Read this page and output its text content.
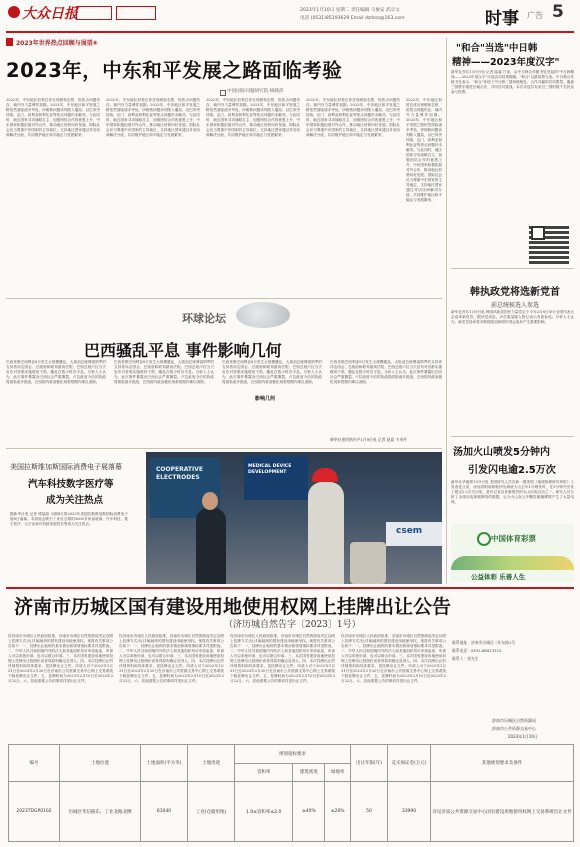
大众日报	2023年1月10日 星期二 责任编辑 马俊安 武宗文
电话 (0531)85193629 Email dzrbsz@163.com	时事 广告 5
2023年世界热点回顾与展望⑧
2023年，中东和平发展之路面临考验
中国国际问题研究院 杨晓萍
2022年，中东地区形势总体呈现缓和态势，但热点问题仍存，域内外力量博弈加剧。2023年，中东地区和平发展之路依然面临诸多考验。伊朗核问题谈判陷入僵局，以巴冲突持续，也门、叙利亚和利比亚等热点问题仍未解决。与此同时，地区国家寻求战略自主、加强团结合作的意愿上升，中东国家积极拓展对外合作，推动地区形势向好发展。国际社会应当尊重中东国家的主导地位，支持地区国家通过对话协商解决分歧，共同维护地区和平稳定与发展繁荣。
2022年，中东地区形势总体呈现缓和态势，但热点问题仍存，域内外力量博弈加剧。2023年，中东地区和平发展之路依然面临诸多考验。伊朗核问题谈判陷入僵局，以巴冲突持续，也门、叙利亚和利比亚等热点问题仍未解决。与此同时，地区国家寻求战略自主、加强团结合作的意愿上升，中东国家积极拓展对外合作，推动地区形势向好发展。国际社会应当尊重中东国家的主导地位，支持地区国家通过对话协商解决分歧，共同维护地区和平稳定与发展繁荣。
2022年，中东地区形势总体呈现缓和态势，但热点问题仍存，域内外力量博弈加剧。2023年，中东地区和平发展之路依然面临诸多考验。伊朗核问题谈判陷入僵局，以巴冲突持续，也门、叙利亚和利比亚等热点问题仍未解决。与此同时，地区国家寻求战略自主、加强团结合作的意愿上升，中东国家积极拓展对外合作，推动地区形势向好发展。国际社会应当尊重中东国家的主导地位，支持地区国家通过对话协商解决分歧，共同维护地区和平稳定与发展繁荣。
2022年，中东地区形势总体呈现缓和态势，但热点问题仍存，域内外力量博弈加剧。2023年，中东地区和平发展之路依然面临诸多考验。伊朗核问题谈判陷入僵局，以巴冲突持续，也门、叙利亚和利比亚等热点问题仍未解决。与此同时，地区国家寻求战略自主、加强团结合作的意愿上升，中东国家积极拓展对外合作，推动地区形势向好发展。国际社会应当尊重中东国家的主导地位，支持地区国家通过对话协商解决分歧，共同维护地区和平稳定与发展繁荣。
2022年，中东地区形势总体呈现缓和态势，但热点问题仍存，域内外力量博弈加剧。2023年，中东地区和平发展之路依然面临诸多考验。伊朗核问题谈判陷入僵局，以巴冲突持续，也门、叙利亚和利比亚等热点问题仍未解决。与此同时，地区国家寻求战略自主、加强团结合作的意愿上升，中东国家积极拓展对外合作，推动地区形势向好发展。国际社会应当尊重中东国家的主导地位，支持地区国家通过对话协商解决分歧，共同维护地区和平稳定与发展繁荣。
"和合"当选"中日韩
精神——2023年度汉字"
新华社首尔1月9日电 记者 陆睿 日前，由中日韩合作秘书处发起的"中日韩精神——2023年度汉字"评选活动结果揭晓，"和合"以最高票当选。中日韩合作秘书处表示，"和合"体现了中日韩三国和睦相处、合作共赢的共同愿景，寓意三国携手推进区域合作、共同应对挑战。本次评选共有来自三国的数千名民众参与投票。
韩执政党将选新党首
前总统候选人参选
新华社首尔1月9日电 韩国执政党国民力量党定于今年3月8日举行全国代表大会选举新党首。据该党消息，多位重量级人物已表示有意参选。分析人士认为，新党首选举将对韩国政局和明年国会选举产生重要影响。
汤加火山喷发5分钟内
引发闪电逾2.5万次
新华社华盛顿1月9日电 美国研究人员在新一期美国《地球物理研究快报》上发表论文说，汤加洪阿哈阿帕伊岛海底火山去年1月喷发时，在5分钟内引发了超过2.5万次闪电，是有记录以来最强烈的火山闪电活动之一。研究人员分析了全球闪电探测网络的数据，认为火山灰云中颗粒碰撞摩擦产生了大量电荷。
中国体育彩票
公益体彩 乐善人生
环球论坛
巴西骚乱平息 事件影响几何
巴西首都巴西利亚8日发生大规模骚乱，大批前总统博索纳罗的支持者冲击国会、总统府和联邦最高法院。巴西总统卢拉当天宣布对首都实施联邦干预，骚乱在数小时后平息。分析人士认为，此次事件暴露出巴西社会严重撕裂，卢拉政府今后的执政将面临诸多挑战，巴西国内政治极化现象短期内难以消除。
巴西首都巴西利亚8日发生大规模骚乱，大批前总统博索纳罗的支持者冲击国会、总统府和联邦最高法院。巴西总统卢拉当天宣布对首都实施联邦干预，骚乱在数小时后平息。分析人士认为，此次事件暴露出巴西社会严重撕裂，卢拉政府今后的执政将面临诸多挑战，巴西国内政治极化现象短期内难以消除。
巴西首都巴西利亚8日发生大规模骚乱，大批前总统博索纳罗的支持者冲击国会、总统府和联邦最高法院。巴西总统卢拉当天宣布对首都实施联邦干预，骚乱在数小时后平息。分析人士认为，此次事件暴露出巴西社会严重撕裂，卢拉政府今后的执政将面临诸多挑战，巴西国内政治极化现象短期内难以消除。
巴西首都巴西利亚8日发生大规模骚乱，大批前总统博索纳罗的支持者冲击国会、总统府和联邦最高法院。巴西总统卢拉当天宣布对首都实施联邦干预，骚乱在数小时后平息。分析人士认为，此次事件暴露出巴西社会严重撕裂，卢拉政府今后的执政将面临诸多挑战，巴西国内政治极化现象短期内难以消除。
影响几何
新华社里约热内卢1月9日电 记者 赵焱 卞卓丹
美国拉斯维加斯国际消费电子展落幕
汽车科技数字医疗等
成为关注热点
据新华社电 记者 谭晶晶 为期4天的2023年美国拉斯维加斯国际消费电子展8日落幕。本届展会吸引了来自全球的3000多家参展商，汽车科技、数字医疗、元宇宙和可持续发展技术等成为关注热点。
COOPERATIVE
ELECTRODES
MEDICAL DEVICE
DEVELOPMENT
csem
济南市历城区国有建设用地使用权网上挂牌出让公告
（济历城自然告字〔2023〕1号）
经济南市历城区人民政府批准，济南市历城区自然资源局决定以网上挂牌方式出让1幅地块的国有建设用地使用权。现将有关事项公告如下：一、挂牌出让地块的基本情况和规划指标要求详见附表。二、中华人民共和国境内外的法人和其他组织均可申请参加，申请人可以单独申请，也可以联合申请。三、本次国有建设用地使用权网上挂牌出让按照价高者得原则确定竞得人。四、本次挂牌出让的详细资料和具体要求，见挂牌出让文件。申请人可于2023年1月31日至2023年2月20日在济南市公共资源交易中心网上交易系统下载挂牌出让文件。五、挂牌时间为2023年2月10日至2023年2月22日。六、其他需要公告的事项详见出让文件。
经济南市历城区人民政府批准，济南市历城区自然资源局决定以网上挂牌方式出让1幅地块的国有建设用地使用权。现将有关事项公告如下：一、挂牌出让地块的基本情况和规划指标要求详见附表。二、中华人民共和国境内外的法人和其他组织均可申请参加，申请人可以单独申请，也可以联合申请。三、本次国有建设用地使用权网上挂牌出让按照价高者得原则确定竞得人。四、本次挂牌出让的详细资料和具体要求，见挂牌出让文件。申请人可于2023年1月31日至2023年2月20日在济南市公共资源交易中心网上交易系统下载挂牌出让文件。五、挂牌时间为2023年2月10日至2023年2月22日。六、其他需要公告的事项详见出让文件。
经济南市历城区人民政府批准，济南市历城区自然资源局决定以网上挂牌方式出让1幅地块的国有建设用地使用权。现将有关事项公告如下：一、挂牌出让地块的基本情况和规划指标要求详见附表。二、中华人民共和国境内外的法人和其他组织均可申请参加，申请人可以单独申请，也可以联合申请。三、本次国有建设用地使用权网上挂牌出让按照价高者得原则确定竞得人。四、本次挂牌出让的详细资料和具体要求，见挂牌出让文件。申请人可于2023年1月31日至2023年2月20日在济南市公共资源交易中心网上交易系统下载挂牌出让文件。五、挂牌时间为2023年2月10日至2023年2月22日。六、其他需要公告的事项详见出让文件。
经济南市历城区人民政府批准，济南市历城区自然资源局决定以网上挂牌方式出让1幅地块的国有建设用地使用权。现将有关事项公告如下：一、挂牌出让地块的基本情况和规划指标要求详见附表。二、中华人民共和国境内外的法人和其他组织均可申请参加，申请人可以单独申请，也可以联合申请。三、本次国有建设用地使用权网上挂牌出让按照价高者得原则确定竞得人。四、本次挂牌出让的详细资料和具体要求，见挂牌出让文件。申请人可于2023年1月31日至2023年2月20日在济南市公共资源交易中心网上交易系统下载挂牌出让文件。五、挂牌时间为2023年2月10日至2023年2月22日。六、其他需要公告的事项详见出让文件。
联系地址：济南市历城区二环东路1号
联系电话：0531-88913372
联系人：张先生
济南市历城区自然资源局
济南市公共资源交易中心
2023年1月10日
编号	土地位置	土地面积(平方米)	土地用途	规划指标要求			出让年限(年)	竞买保证金(万元)	其他规划要求及条件
				容积率	建筑密度	绿地率			
2023TDGP0102	历城区华信路东、工业北路北侧	61040	工业(仓储用地)	1.0≤容积率≤2.0	≥40%	≤20%	50	33990	详见济南公共资源交易中心国有建设用地使用权网上交易系统出让文件
